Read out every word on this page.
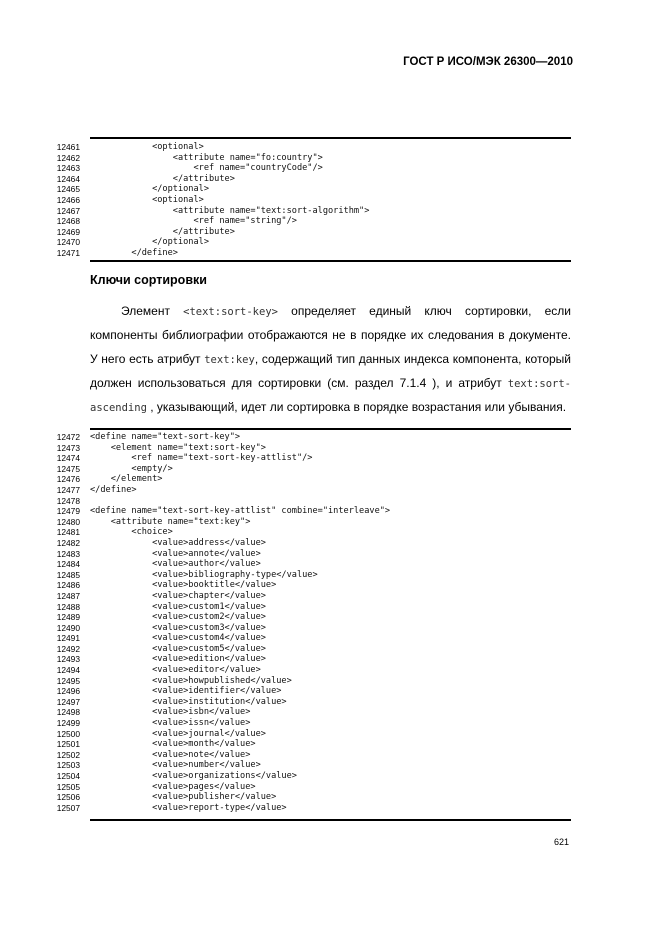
ГОСТ Р ИСО/МЭК 26300—2010
12461 <optional>
12462 <attribute name="fo:country">
12463 <ref name="countryCode"/>
12464 </attribute>
12465 </optional>
12466 <optional>
12467 <attribute name="text:sort-algorithm">
12468 <ref name="string"/>
12469 </attribute>
12470 </optional>
12471 </define>
Ключи сортировки
Элемент <text:sort-key> определяет единый ключ сортировки, если компоненты библиографии отображаются не в порядке их следования в документе. У него есть атрибут text:key, содержащий тип данных индекса компонента, который должен использоваться для сортировки (см. раздел 7.1.4 ), и атрибут text:sort-ascending , указывающий, идет ли сортировка в порядке возрастания или убывания.
12472 <define name="text-sort-key">
12473 <element name="text:sort-key">
12474 <ref name="text-sort-key-attlist"/>
12475 <empty/>
12476 </element>
12477 </define>
12478
12479 <define name="text-sort-key-attlist" combine="interleave">
12480 <attribute name="text:key">
12481 <choice>
12482 <value>address</value>
12483 <value>annote</value>
12484 <value>author</value>
12485 <value>bibliography-type</value>
12486 <value>booktitle</value>
12487 <value>chapter</value>
12488 <value>custom1</value>
12489 <value>custom2</value>
12490 <value>custom3</value>
12491 <value>custom4</value>
12492 <value>custom5</value>
12493 <value>edition</value>
12494 <value>editor</value>
12495 <value>howpublished</value>
12496 <value>identifier</value>
12497 <value>institution</value>
12498 <value>isbn</value>
12499 <value>issn</value>
12500 <value>journal</value>
12501 <value>month</value>
12502 <value>note</value>
12503 <value>number</value>
12504 <value>organizations</value>
12505 <value>pages</value>
12506 <value>publisher</value>
12507 <value>report-type</value>
621
